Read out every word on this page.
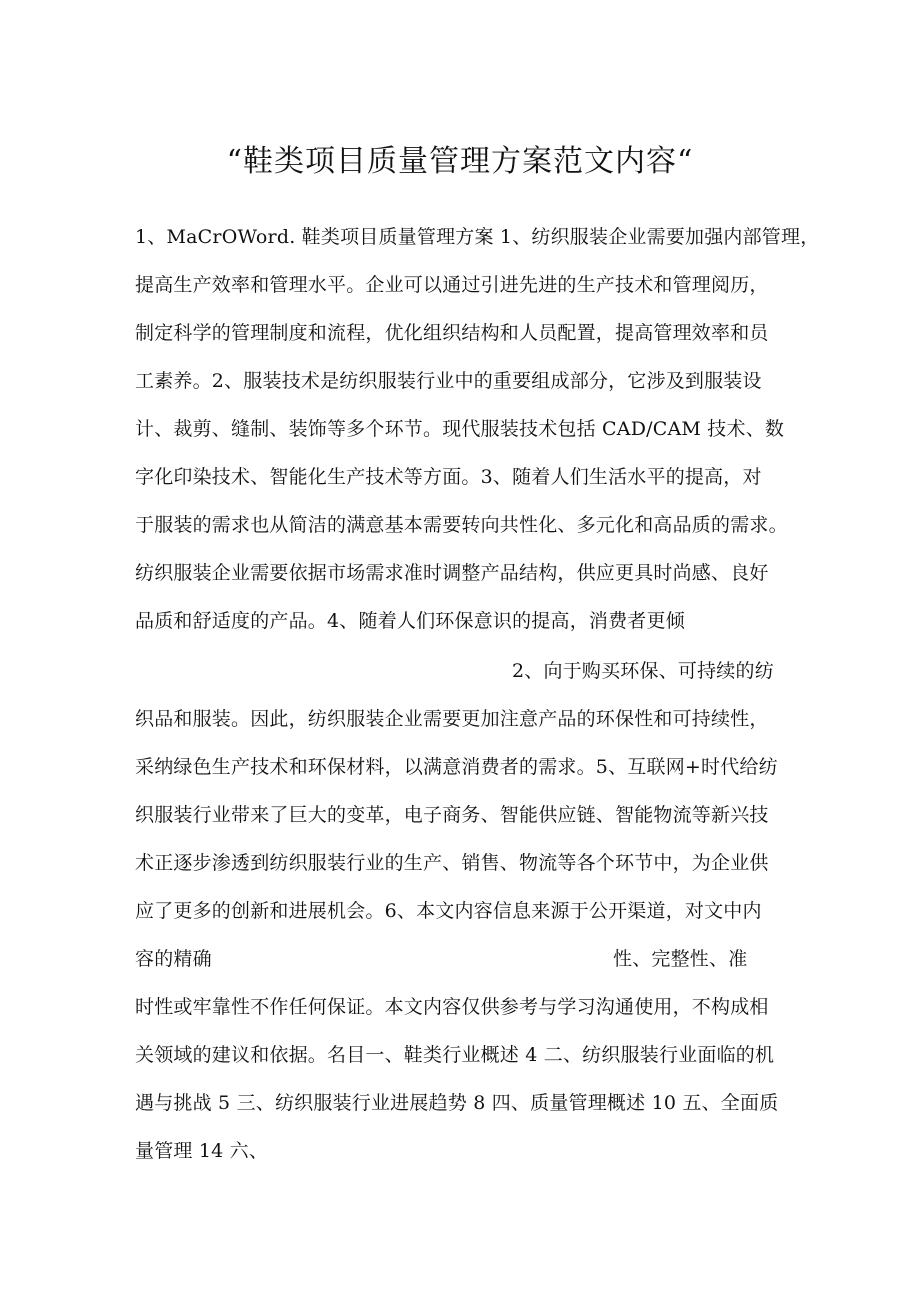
“鞋类项目质量管理方案范文内容“
1、MaCrOWord. 鞋类项目质量管理方案 1、纺织服装企业需要加强内部管理，
提高生产效率和管理水平。企业可以通过引进先进的生产技术和管理阅历，
制定科学的管理制度和流程，优化组织结构和人员配置，提高管理效率和员
工素养。2、服装技术是纺织服装行业中的重要组成部分，它涉及到服装设
计、裁剪、缝制、装饰等多个环节。现代服装技术包括 CAD/CAM 技术、数
字化印染技术、智能化生产技术等方面。3、随着人们生活水平的提高，对
于服装的需求也从简洁的满意基本需要转向共性化、多元化和高品质的需求。
纺织服装企业需要依据市场需求准时调整产品结构，供应更具时尚感、良好
品质和舒适度的产品。4、随着人们环保意识的提高，消费者更倾
2、向于购买环保、可持续的纺
织品和服装。因此，纺织服装企业需要更加注意产品的环保性和可持续性，
采纳绿色生产技术和环保材料，以满意消费者的需求。5、互联网+时代给纺
织服装行业带来了巨大的变革，电子商务、智能供应链、智能物流等新兴技
术正逐步渗透到纺织服装行业的生产、销售、物流等各个环节中，为企业供
应了更多的创新和进展机会。6、本文内容信息来源于公开渠道，对文中内
容的精确	性、完整性、准
时性或牢靠性不作任何保证。本文内容仅供参考与学习沟通使用，不构成相
关领域的建议和依据。名目一、鞋类行业概述 4 二、纺织服装行业面临的机
遇与挑战 5 三、纺织服装行业进展趋势 8 四、质量管理概述 10 五、全面质
量管理 14 六、
